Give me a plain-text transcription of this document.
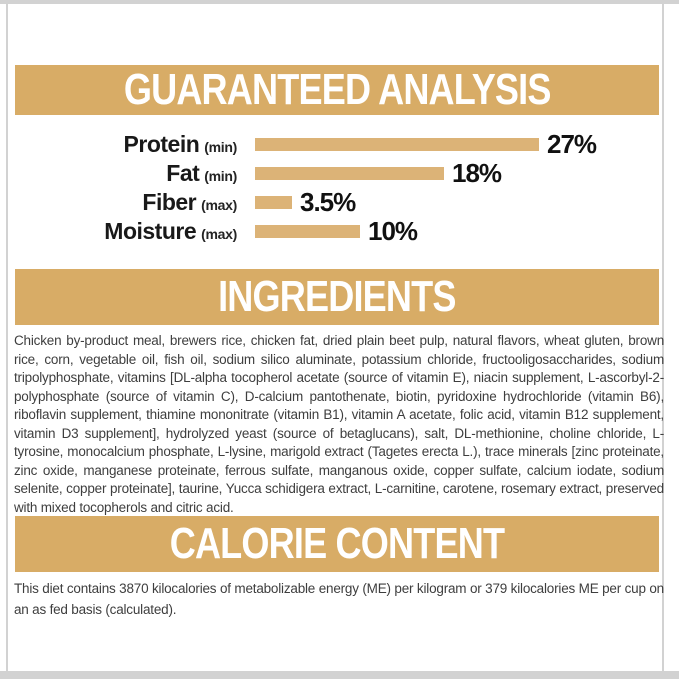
GUARANTEED ANALYSIS
Protein (min)	27%
Fat (min)	18%
Fiber (max) 3.5%
Moisture (max)	10%
INGREDIENTS

Chicken by-product meal, brewers rice, chicken fat, dried plain beet pulp, natural flavors, wheat gluten, brown rice, corn, vegetable oil, fish oil, sodium silico aluminate, potassium chloride, fructooligosaccharides, sodium tripolyphosphate, vitamins [DL-alpha tocopherol acetate (source of vitamin E), niacin supplement, L-ascorbyl-2-polyphosphate (source of vitamin C), D-calcium pantothenate, biotin, pyridoxine hydrochloride (vitamin B6), riboflavin supplement, thiamine mononitrate (vitamin B1), vitamin A acetate, folic acid, vitamin B12 supplement, vitamin D3 supplement], hydrolyzed yeast (source of betaglucans), salt, DL-methionine, choline chloride, L-tyrosine, monocalcium phosphate, L-lysine, marigold extract (Tagetes erecta L.), trace minerals [zinc proteinate, zinc oxide, manganese proteinate, ferrous sulfate, manganous oxide, copper sulfate, calcium iodate, sodium selenite, copper proteinate], taurine, Yucca schidigera extract, L-carnitine, carotene, rosemary extract, preserved with mixed tocopherols and citric acid.

CALORIE CONTENT

This diet contains 3870 kilocalories of metabolizable energy (ME) per kilogram or 379 kilocalories ME per cup on an as fed basis (calculated).
